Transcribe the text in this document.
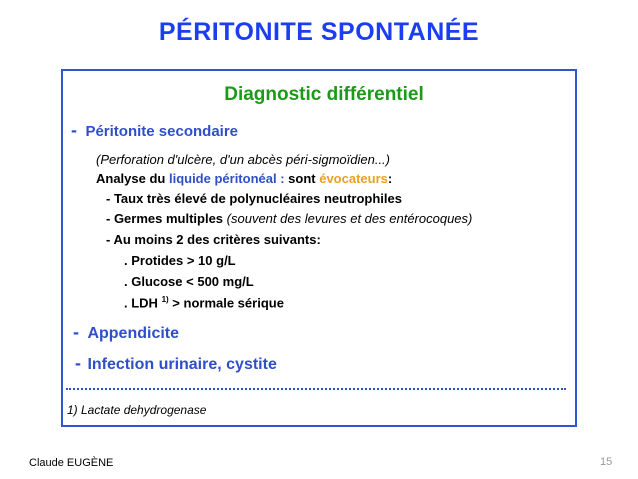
PÉRITONITE SPONTANÉE
Diagnostic différentiel
- Péritonite secondaire
(Perforation d'ulcère, d'un abcès péri-sigmoïdien...)
Analyse du liquide péritonéal : sont évocateurs:
- Taux très élevé de polynucléaires neutrophiles
- Germes multiples (souvent des levures et des entérocoques)
- Au moins 2 des critères suivants:
. Protides > 10 g/L
. Glucose < 500 mg/L
. LDH $^{1)}$ > normale sérique
- Appendicite
- Infection urinaire, cystite
1) Lactate dehydrogenase
Claude EUGÈNE	15
